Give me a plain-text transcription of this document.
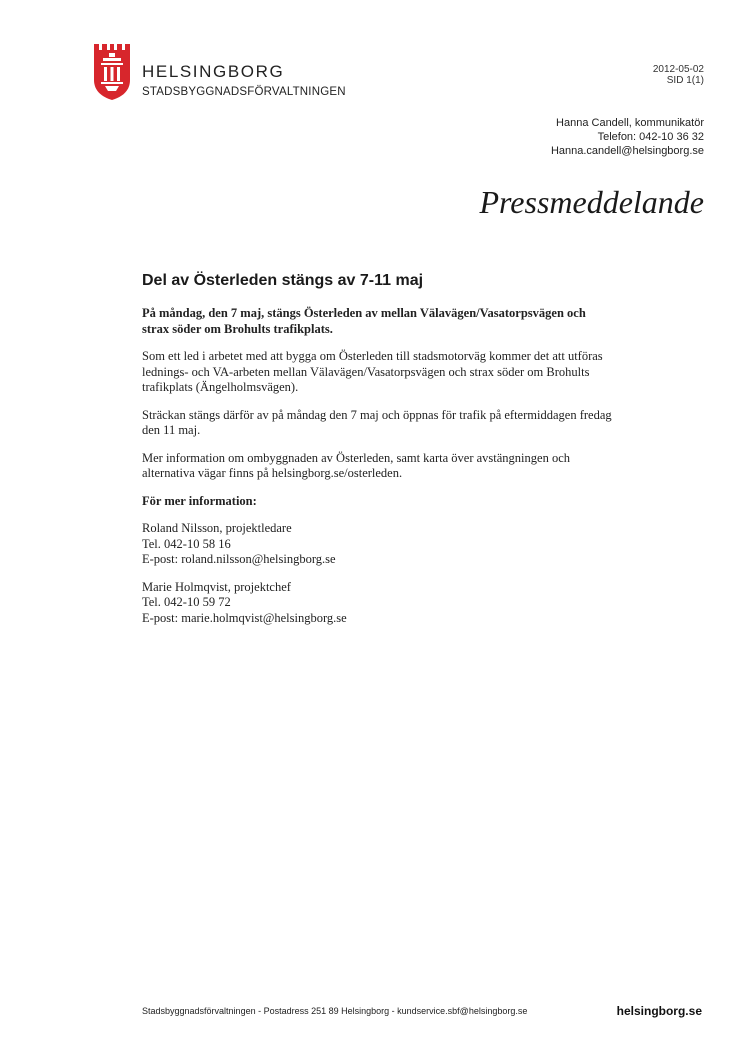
HELSINGBORG
STADSBYGGNADSFÖRVALTNINGEN
2012-05-02
SID 1(1)
Hanna Candell, kommunikatör
Telefon: 042-10 36 32
Hanna.candell@helsingborg.se
Pressmeddelande
Del av Österleden stängs av 7-11 maj

På måndag, den 7 maj, stängs Österleden av mellan Välavägen/Vasatorpsvägen och strax söder om Brohults trafikplats.

Som ett led i arbetet med att bygga om Österleden till stadsmotorväg kommer det att utföras lednings- och VA-arbeten mellan Välavägen/Vasatorpsvägen och strax söder om Brohults trafikplats (Ängelholmsvägen).

Sträckan stängs därför av på måndag den 7 maj och öppnas för trafik på eftermiddagen fredag den 11 maj.

Mer information om ombyggnaden av Österleden, samt karta över avstängningen och alternativa vägar finns på helsingborg.se/osterleden.

För mer information:

Roland Nilsson, projektledare
Tel. 042-10 58 16
E-post: roland.nilsson@helsingborg.se

Marie Holmqvist, projektchef
Tel. 042-10 59 72
E-post: marie.holmqvist@helsingborg.se

Stadsbyggnadsförvaltningen - Postadress 251 89 Helsingborg - kundservice.sbf@helsingborg.se	helsingborg.se
